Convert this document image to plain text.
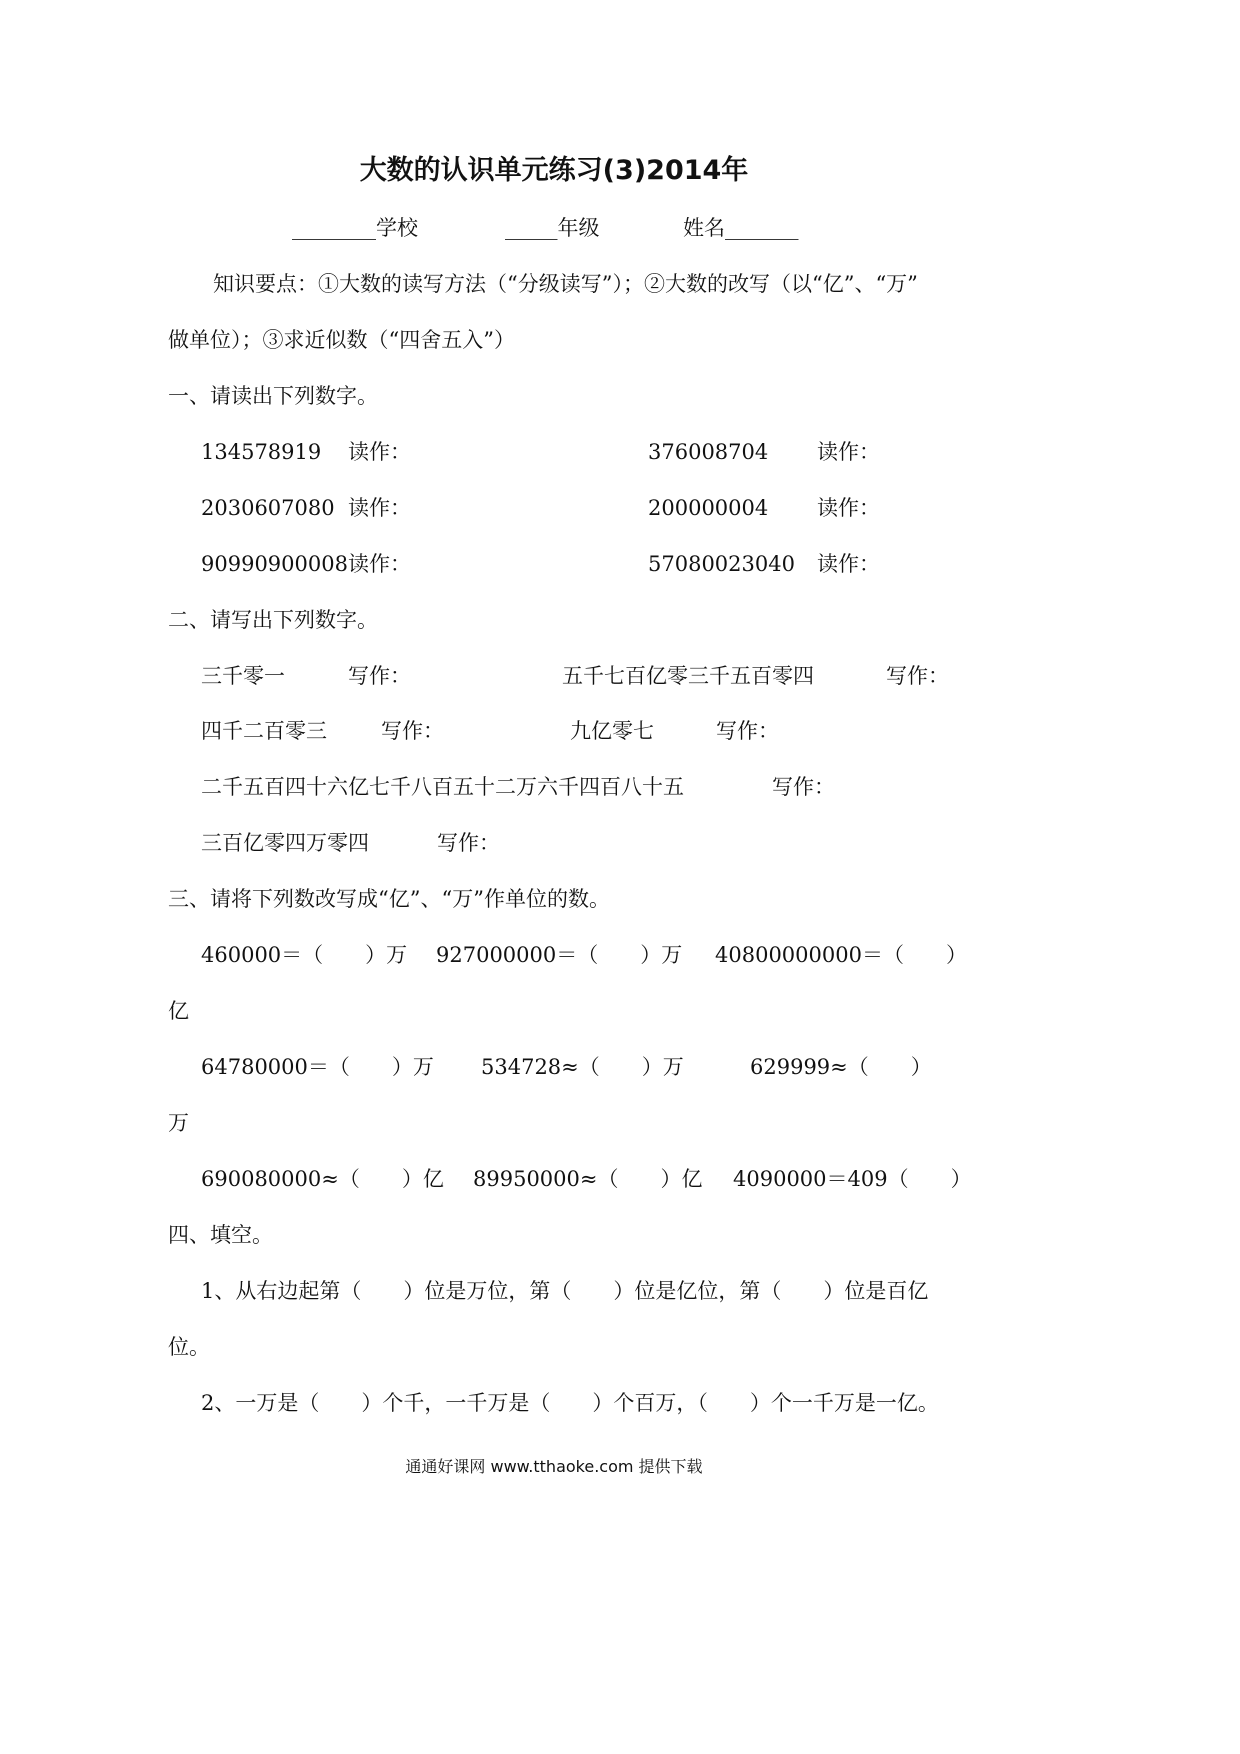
大数的认识单元练习(3)2014年
________学校	_____年级	姓名_______
知识要点：①大数的读写方法（“分级读写”）；②大数的改写（以“亿”、“万”
做单位）；③求近似数（“四舍五入”）
一、请读出下列数字。
134578919 读作：	376008704 读作：
2030607080 读作：	200000004 读作：
90990900008 读作：	57080023040 读作：
二、请写出下列数字。
三千零一	写作：	五千七百亿零三千五百零四	写作：
四千二百零三	写作：	九亿零七	写作：
二千五百四十六亿七千八百五十二万六千四百八十五	写作：
三百亿零四万零四	写作：
三、请将下列数改写成“亿”、“万”作单位的数。
460000＝（　　）万 927000000＝（　　）万 40800000000＝（　　）
亿
64780000＝（　　）万 534728≈（　　）万	629999≈（　　）
万
690080000≈（　　）亿 89950000≈（　　）亿 4090000＝409（　　）
四、填空。
1、从右边起第（　　）位是万位，第（　　）位是亿位，第（　　）位是百亿
位。
2、一万是（　　）个千，一千万是（　　）个百万，（　　）个一千万是一亿。
通通好课网 www.tthaoke.com 提供下载
